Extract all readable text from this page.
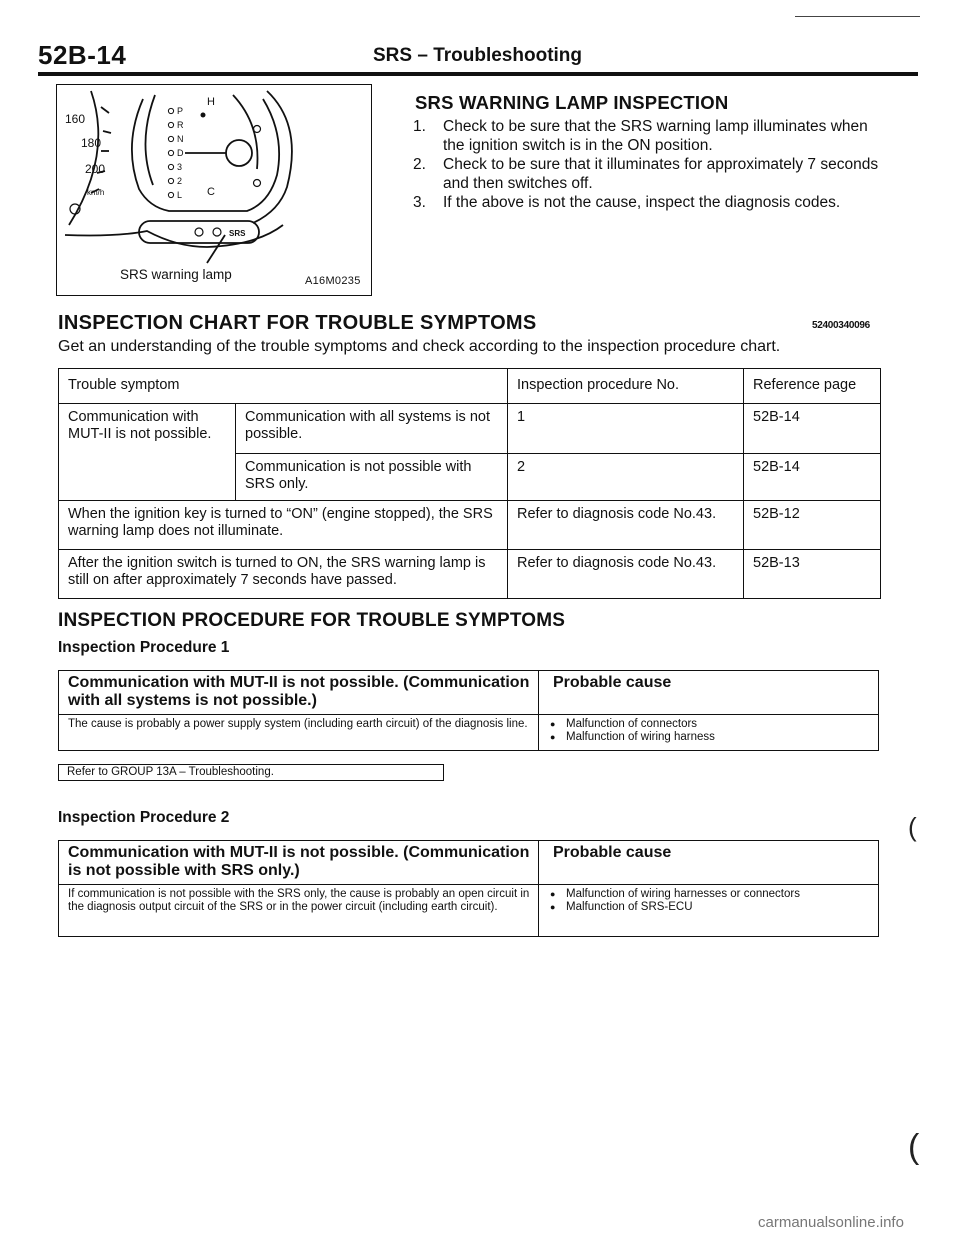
52B-14	SRS – Troubleshooting
160
180
200
km/h
H
C
P
R
N
D
3
2
L
SRS
SRS warning lamp	A16M0235
SRS WARNING LAMP INSPECTION
1. Check to be sure that the SRS warning lamp illuminates when the ignition switch is in the ON position.
2. Check to be sure that it illuminates for approximately 7 seconds and then switches off.
3. If the above is not the cause, inspect the diagnosis codes.
INSPECTION CHART FOR TROUBLE SYMPTOMS	52400340096
Get an understanding of the trouble symptoms and check according to the inspection procedure chart.
Trouble symptom		Inspection procedure No.	Reference page
Communication with MUT-II is not possible.	Communication with all systems is not possible.	1	52B-14
	Communication is not possible with SRS only.	2	52B-14
When the ignition key is turned to “ON” (engine stopped), the SRS warning lamp does not illuminate.		Refer to diagnosis code No.43.	52B-12
After the ignition switch is turned to ON, the SRS warning lamp is still on after approximately 7 seconds have passed.		Refer to diagnosis code No.43.	52B-13
INSPECTION PROCEDURE FOR TROUBLE SYMPTOMS
Inspection Procedure 1
Communication with MUT-II is not possible. (Communication with all systems is not possible.)	Probable cause
The cause is probably a power supply system (including earth circuit) of the diagnosis line.	● Malfunction of connectors
● Malfunction of wiring harness
Refer to GROUP 13A – Troubleshooting.
Inspection Procedure 2
Communication with MUT-II is not possible. (Communication is not possible with SRS only.)	Probable cause
If communication is not possible with the SRS only, the cause is probably an open circuit in the diagnosis output circuit of the SRS or in the power circuit (including earth circuit).	● Malfunction of wiring harnesses or connectors
● Malfunction of SRS-ECU
(
(
carmanualsonline.info
